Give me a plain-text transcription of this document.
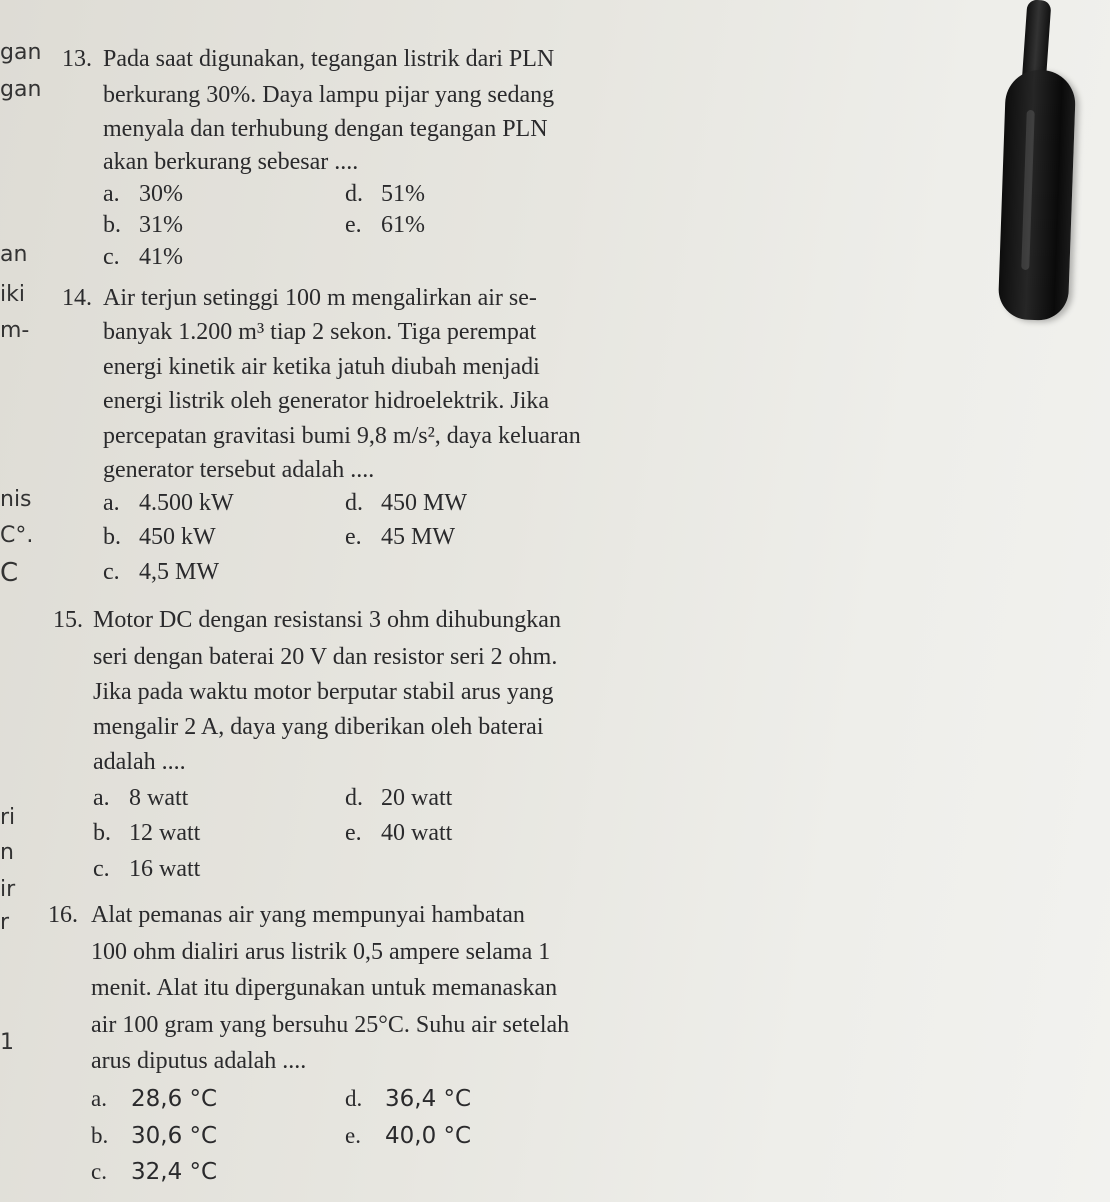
gan
gan
an
iki
m-
nis
C°.
C
ri
n
ir
r
1
13. Pada saat digunakan, tegangan listrik dari PLN
berkurang 30%. Daya lampu pijar yang sedang
menyala dan terhubung dengan tegangan PLN
akan berkurang sebesar ....
a. 30%
b. 31%
c. 41%
d. 51%
e. 61%
14. Air terjun setinggi 100 m mengalirkan air se-
banyak 1.200 m³ tiap 2 sekon. Tiga perempat
energi kinetik air ketika jatuh diubah menjadi
energi listrik oleh generator hidroelektrik. Jika
percepatan gravitasi bumi 9,8 m/s², daya keluaran
generator tersebut adalah ....
a. 4.500 kW
b. 450 kW
c. 4,5 MW
d. 450 MW
e. 45 MW
15. Motor DC dengan resistansi 3 ohm dihubungkan
seri dengan baterai 20 V dan resistor seri 2 ohm.
Jika pada waktu motor berputar stabil arus yang
mengalir 2 A, daya yang diberikan oleh baterai
adalah ....
a. 8 watt
b. 12 watt
c. 16 watt
d. 20 watt
e. 40 watt
16. Alat pemanas air yang mempunyai hambatan
100 ohm dialiri arus listrik 0,5 ampere selama 1
menit. Alat itu dipergunakan untuk memanaskan
air 100 gram yang bersuhu 25°C. Suhu air setelah
arus diputus adalah ....
a. 28,6 °C
b. 30,6 °C
c. 32,4 °C
d. 36,4 °C
e. 40,0 °C
